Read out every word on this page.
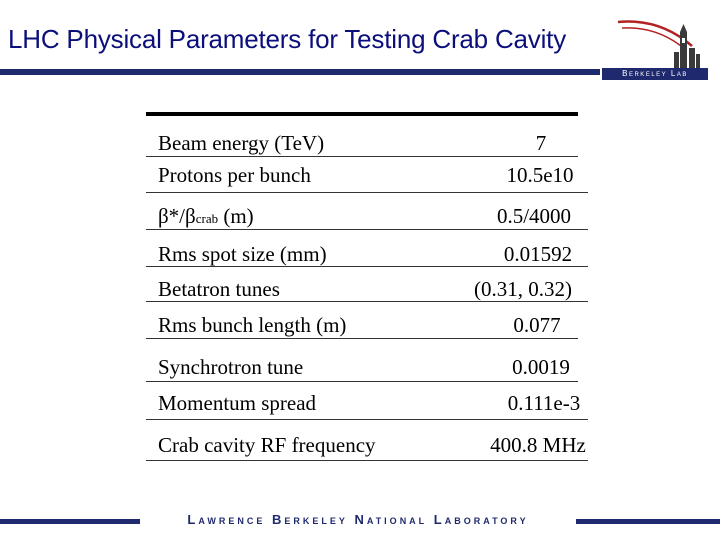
LHC Physical Parameters for Testing Crab Cavity
Berkeley Lab
Beam energy (TeV)	7
Protons per bunch	10.5e10
β*/βcrab (m)	0.5/4000
Rms spot size (mm)	0.01592
Betatron tunes	(0.31, 0.32)
Rms bunch length (m)	0.077
Synchrotron tune	0.0019
Momentum spread	0.111e-3
Crab cavity RF frequency	400.8 MHz
Lawrence Berkeley National Laboratory
